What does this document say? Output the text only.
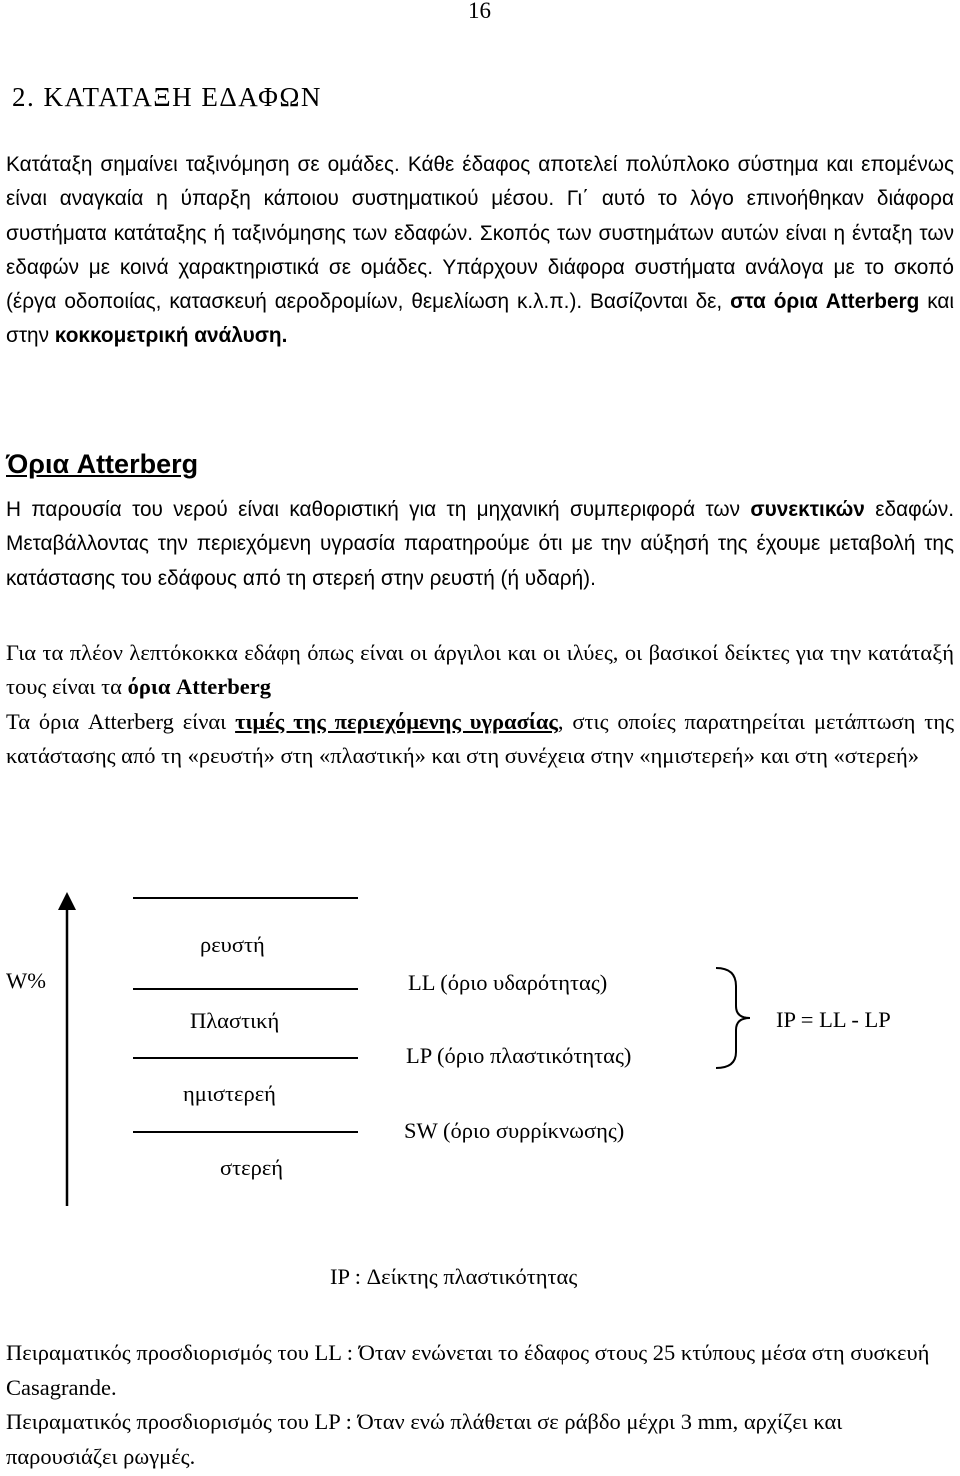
16
2. ΚΑΤΑΤΑΞΗ ΕΔΑΦΩΝ
Κατάταξη σημαίνει ταξινόμηση σε ομάδες. Κάθε έδαφος αποτελεί πολύπλοκο σύστημα και επομένως είναι αναγκαία η ύπαρξη κάποιου συστηματικού μέσου. Γι΄ αυτό το λόγο επινοήθηκαν διάφορα συστήματα κατάταξης ή ταξινόμησης των εδαφών. Σκοπός των συστημάτων αυτών είναι η ένταξη των εδαφών με κοινά χαρακτηριστικά σε ομάδες. Υπάρχουν διάφορα συστήματα ανάλογα με το σκοπό (έργα οδοποιίας, κατασκευή αεροδρομίων, θεμελίωση κ.λ.π.). Βασίζονται δε, στα όρια Atterberg και στην κοκκομετρική ανάλυση.
Όρια Atterberg
Η παρουσία του νερού είναι καθοριστική για τη μηχανική συμπεριφορά των συνεκτικών εδαφών. Μεταβάλλοντας την περιεχόμενη υγρασία παρατηρούμε ότι με την αύξησή της έχουμε μεταβολή της κατάστασης του εδάφους από τη στερεή στην ρευστή (ή υδαρή).
Για τα πλέον λεπτόκοκκα εδάφη όπως είναι οι άργιλοι και οι ιλύες, οι βασικοί δείκτες για την κατάταξή τους είναι τα όρια Atterberg
Τα όρια Atterberg είναι τιμές της περιεχόμενης υγρασίας, στις οποίες παρατηρείται μετάπτωση της κατάστασης από τη «ρευστή» στη «πλαστική» και στη συνέχεια στην «ημιστερεή» και στη «στερεή»
W%
ρευστή
Πλαστική
ημιστερεή
στερεή
LL (όριο υδαρότητας)
LP (όριο πλαστικότητας)
SW (όριο συρρίκνωσης)
IP = LL - LP
IP : Δείκτης πλαστικότητας
Πειραματικός προσδιορισμός του LL : Όταν ενώνεται το έδαφος στους 25 κτύπους μέσα στη συσκευή Casagrande.
Πειραματικός προσδιορισμός του LP : Όταν ενώ πλάθεται σε ράβδο μέχρι 3 mm, αρχίζει και παρουσιάζει ρωγμές.
